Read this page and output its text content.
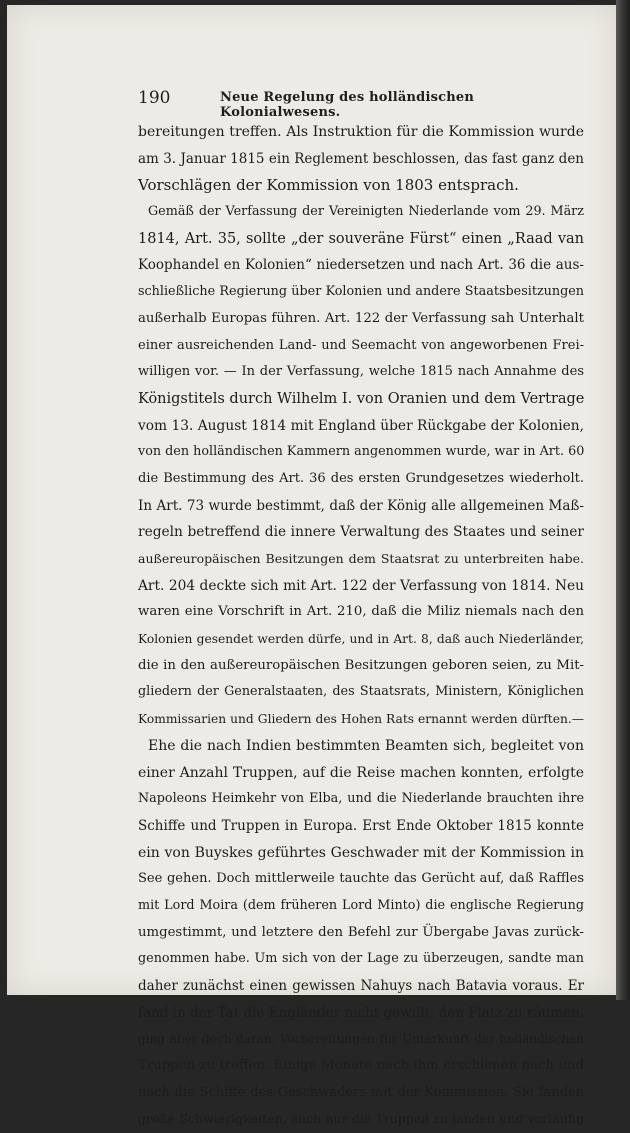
190	Neue Regelung des holländischen Kolonialwesens.
bereitungen treffen. Als Instruktion für die Kommission wurde
am 3. Januar 1815 ein Reglement beschlossen, das fast ganz den
Vorschlägen der Kommission von 1803 entsprach.
Gemäß der Verfassung der Vereinigten Niederlande vom 29. März
1814, Art. 35, sollte „der souveräne Fürst“ einen „Raad van
Koophandel en Kolonien“ niedersetzen und nach Art. 36 die aus-
schließliche Regierung über Kolonien und andere Staatsbesitzungen
außerhalb Europas führen. Art. 122 der Verfassung sah Unterhalt
einer ausreichenden Land- und Seemacht von angeworbenen Frei-
willigen vor. — In der Verfassung, welche 1815 nach Annahme des
Königstitels durch Wilhelm I. von Oranien und dem Vertrage
vom 13. August 1814 mit England über Rückgabe der Kolonien,
von den holländischen Kammern angenommen wurde, war in Art. 60
die Bestimmung des Art. 36 des ersten Grundgesetzes wiederholt.
In Art. 73 wurde bestimmt, daß der König alle allgemeinen Maß-
regeln betreffend die innere Verwaltung des Staates und seiner
außereuropäischen Besitzungen dem Staatsrat zu unterbreiten habe.
Art. 204 deckte sich mit Art. 122 der Verfassung von 1814. Neu
waren eine Vorschrift in Art. 210, daß die Miliz niemals nach den
Kolonien gesendet werden dürfe, und in Art. 8, daß auch Niederländer,
die in den außereuropäischen Besitzungen geboren seien, zu Mit-
gliedern der Generalstaaten, des Staatsrats, Ministern, Königlichen
Kommissarien und Gliedern des Hohen Rats ernannt werden dürften.—
Ehe die nach Indien bestimmten Beamten sich, begleitet von
einer Anzahl Truppen, auf die Reise machen konnten, erfolgte
Napoleons Heimkehr von Elba, und die Niederlande brauchten ihre
Schiffe und Truppen in Europa. Erst Ende Oktober 1815 konnte
ein von Buyskes geführtes Geschwader mit der Kommission in
See gehen. Doch mittlerweile tauchte das Gerücht auf, daß Raffles
mit Lord Moira (dem früheren Lord Minto) die englische Regierung
umgestimmt, und letztere den Befehl zur Übergabe Javas zurück-
genommen habe. Um sich von der Lage zu überzeugen, sandte man
daher zunächst einen gewissen Nahuys nach Batavia voraus. Er
fand in der Tat die Engländer nicht gewillt, den Platz zu räumen,
ging aber doch daran, Vorbereitungen für Unterkunft der holländischen
Truppen zu treffen. Einige Monate nach ihm erschienen nach und
nach die Schiffe des Geschwaders mit der Kommission. Sie fanden
große Schwierigkeiten, auch nur die Truppen zu landen und vorläufig
